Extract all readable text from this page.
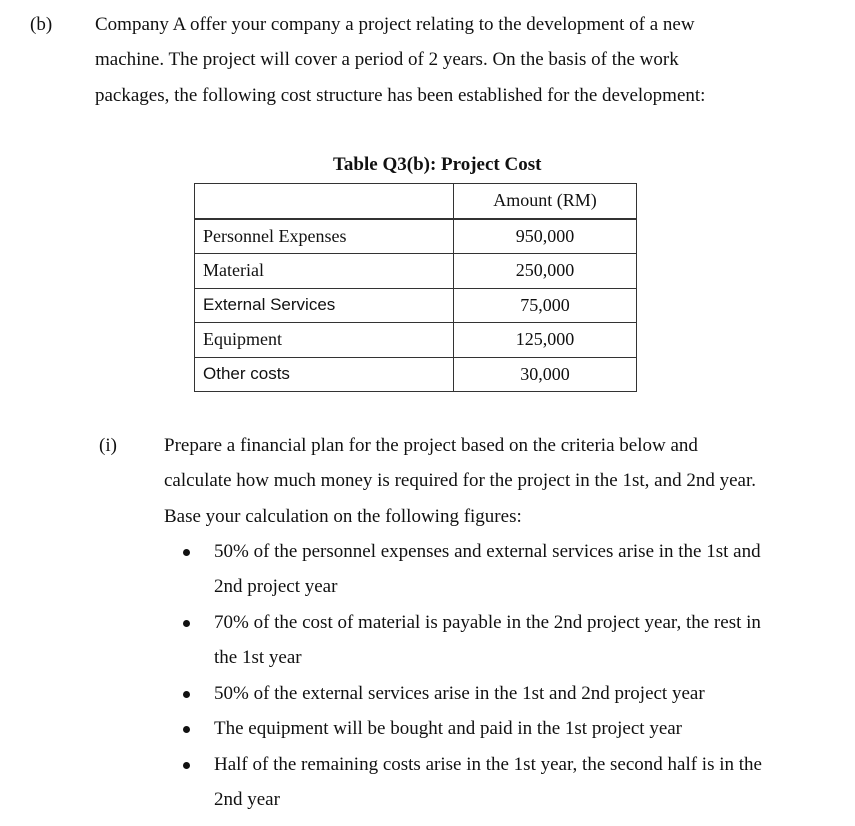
(b) Company A offer your company a project relating to the development of a new
machine. The project will cover a period of 2 years. On the basis of the work
packages, the following cost structure has been established for the development:
Table Q3(b): Project Cost
	Amount (RM)
Personnel Expenses	950,000
Material	250,000
External Services	75,000
Equipment	125,000
Other costs	30,000
(i) Prepare a financial plan for the project based on the criteria below and
calculate how much money is required for the project in the 1st, and 2nd year.
Base your calculation on the following figures:
50% of the personnel expenses and external services arise in the 1st and
2nd project year
70% of the cost of material is payable in the 2nd project year, the rest in
the 1st year
50% of the external services arise in the 1st and 2nd project year
The equipment will be bought and paid in the 1st project year
Half of the remaining costs arise in the 1st year, the second half is in the
2nd year
